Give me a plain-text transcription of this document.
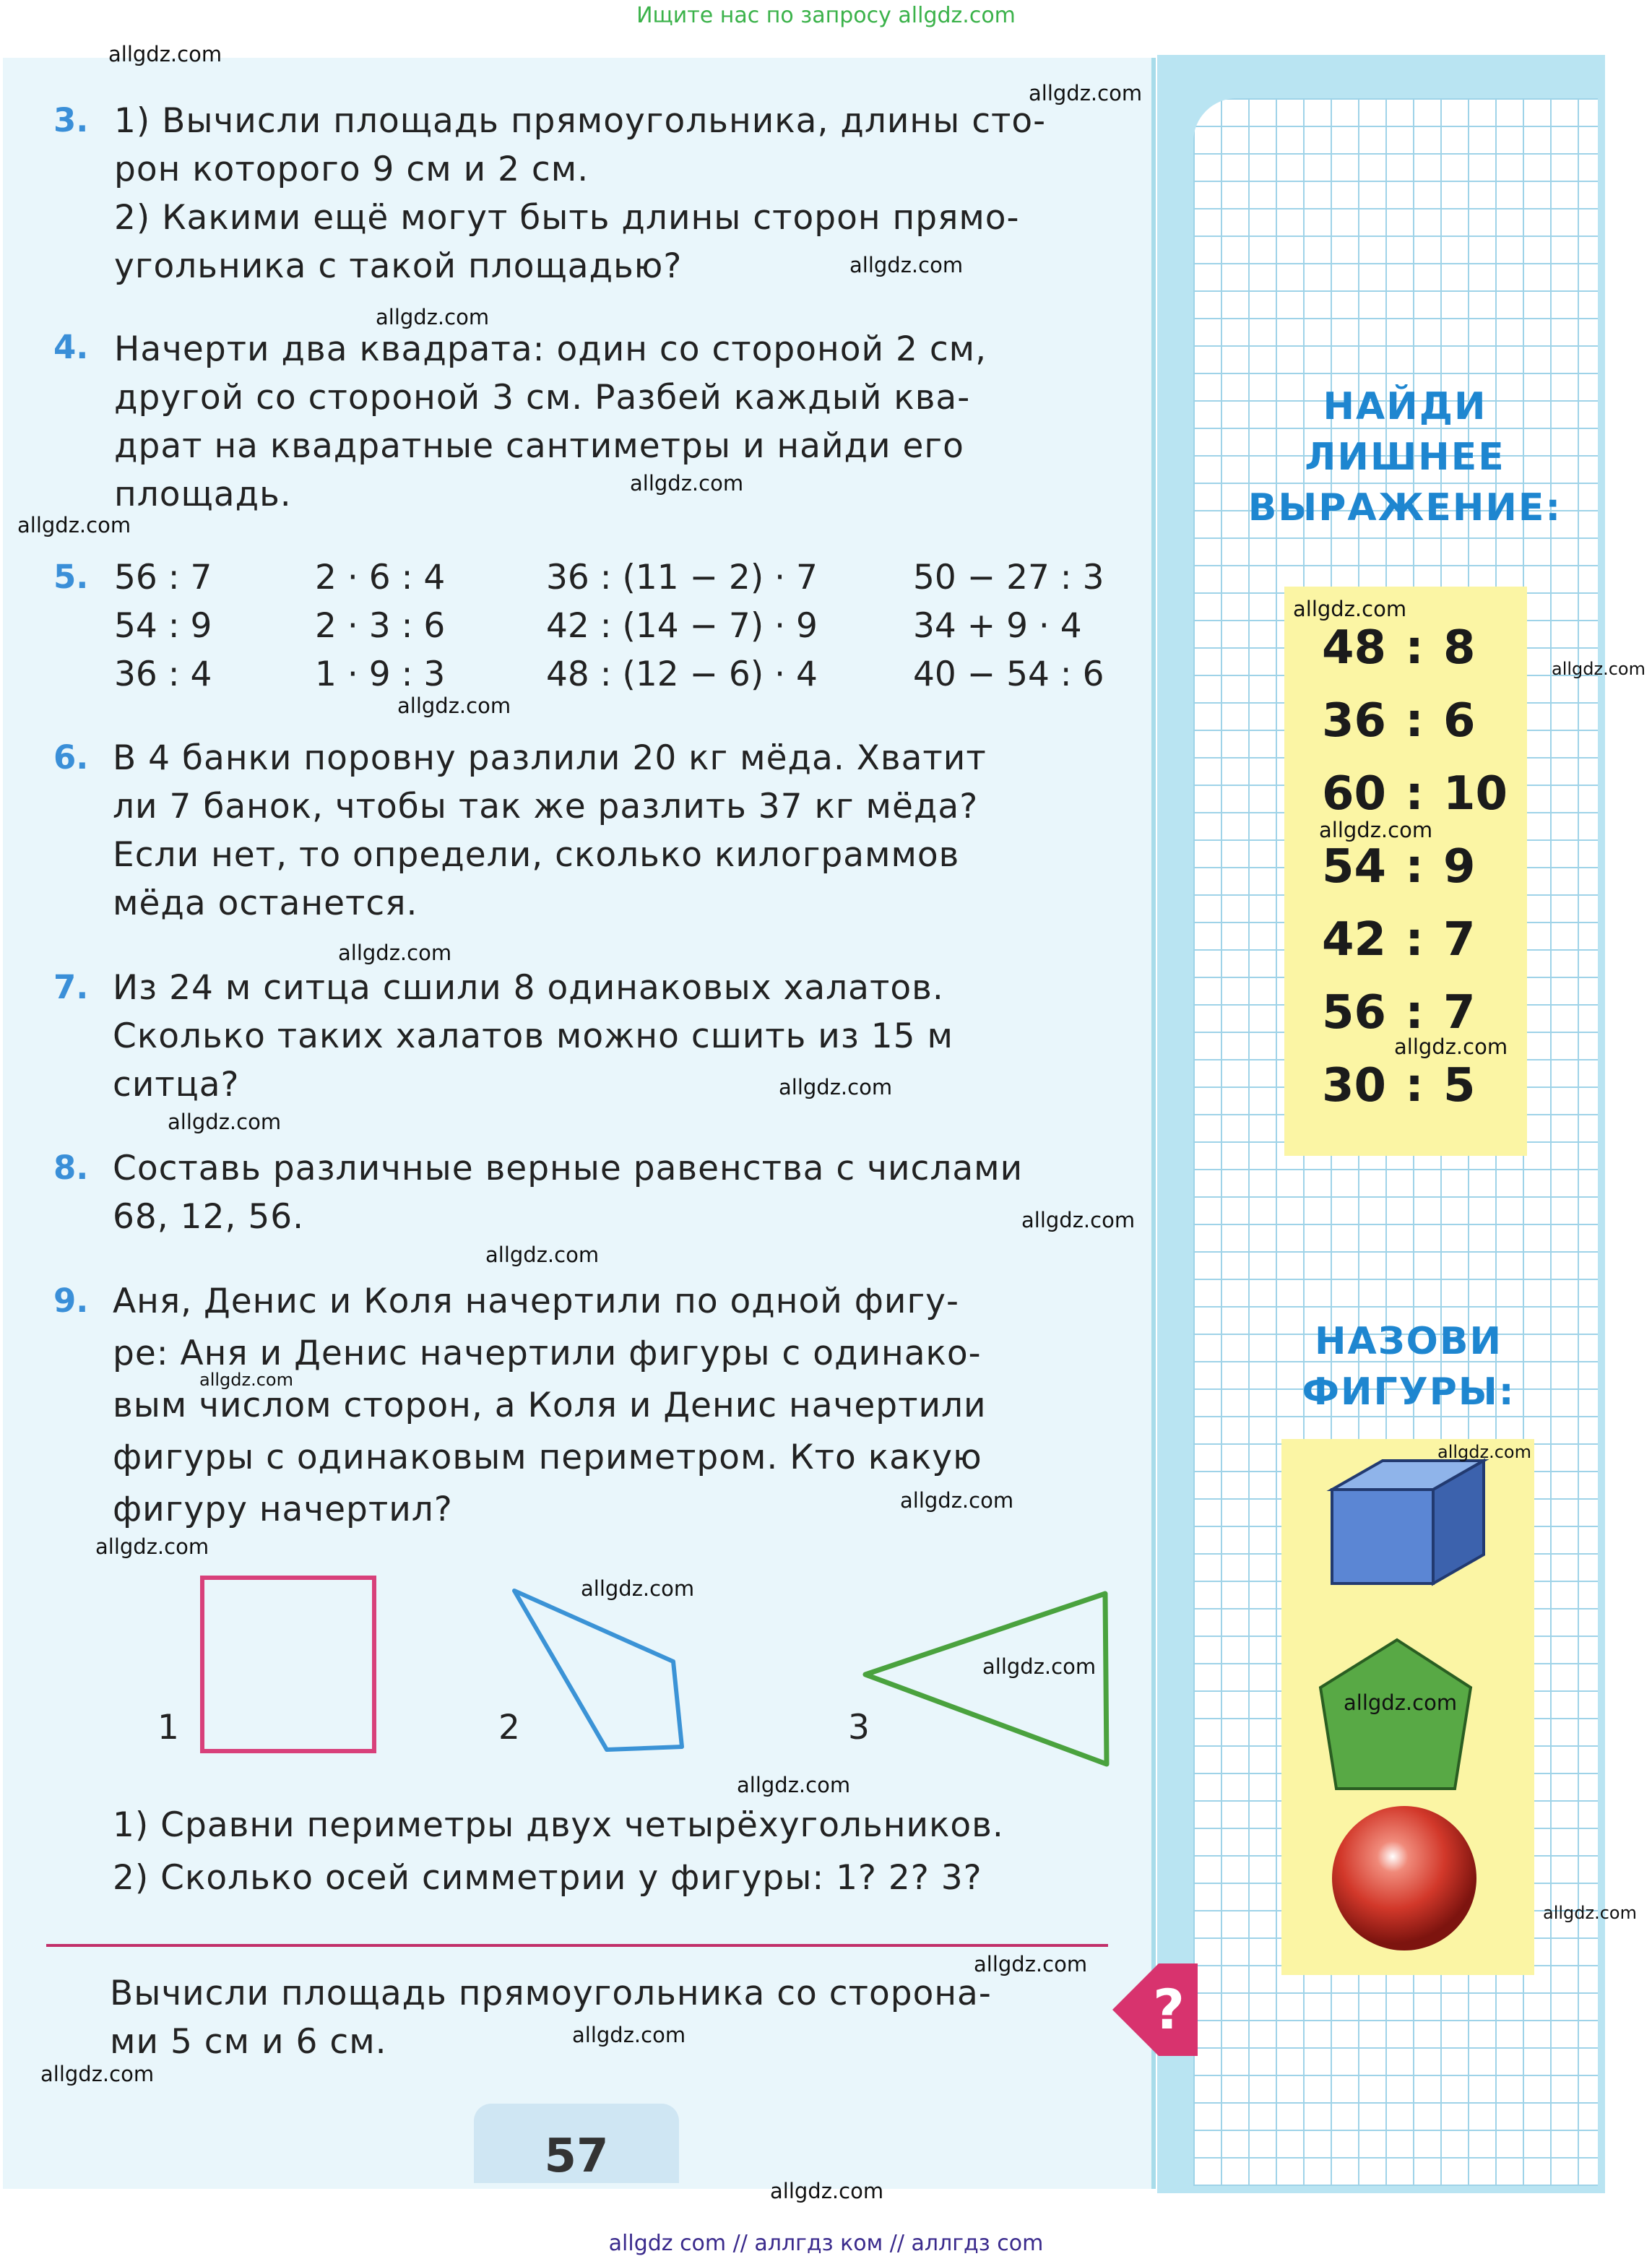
Ищите нас по запросу allgdz.com
3. 1) Вычисли площадь прямоугольника, длины сто-
рон которого 9 см и 2 см.
2) Какими ещё могут быть длины сторон прямо-
угольника с такой площадью?
4. Начерти два квадрата: один со стороной 2 см,
другой со стороной 3 см. Разбей каждый ква-
драт на квадратные сантиметры и найди его
площадь.
5. 56 : 7
54 : 9
36 : 4
2 · 6 : 4
2 · 3 : 6
1 · 9 : 3
36 : (11 − 2) · 7
42 : (14 − 7) · 9
48 : (12 − 6) · 4
50 − 27 : 3
34 + 9 · 4
40 − 54 : 6
6. В 4 банки поровну разлили 20 кг мёда. Хватит
ли 7 банок, чтобы так же разлить 37 кг мёда?
Если нет, то определи, сколько килограммов
мёда останется.
7. Из 24 м ситца сшили 8 одинаковых халатов.
Сколько таких халатов можно сшить из 15 м
ситца?
8. Составь различные верные равенства с числами
68, 12, 56.
9. Аня, Денис и Коля начертили по одной фигу-
ре: Аня и Денис начертили фигуры с одинако-
вым числом сторон, а Коля и Денис начертили
фигуры с одинаковым периметром. Кто какую
фигуру начертил?
1	2	3
1) Сравни периметры двух четырёхугольников.
2) Сколько осей симметрии у фигуры: 1? 2? 3?
Вычисли площадь прямоугольника со сторона-
ми 5 см и 6 см.
?
57
НАЙДИ
ЛИШНЕЕ
ВЫРАЖЕНИЕ:
48 : 8
36 : 6
60 : 10
54 : 9
42 : 7
56 : 7
30 : 5
НАЗОВИ
ФИГУРЫ:
allgdz.com
allgdz.com
allgdz.com
allgdz.com
allgdz.com
allgdz.com
allgdz.com
allgdz.com
allgdz.com
allgdz.com
allgdz.com
allgdz.com
allgdz.com
allgdz.com
allgdz.com
allgdz.com
allgdz.com
allgdz.com
allgdz.com
allgdz.com
allgdz.com
allgdz.com
allgdz.com
allgdz.com
allgdz.com
allgdz.com
allgdz.com
allgdz.com
allgdz.com
allgdz com // аллгдз ком // аллгдз com
